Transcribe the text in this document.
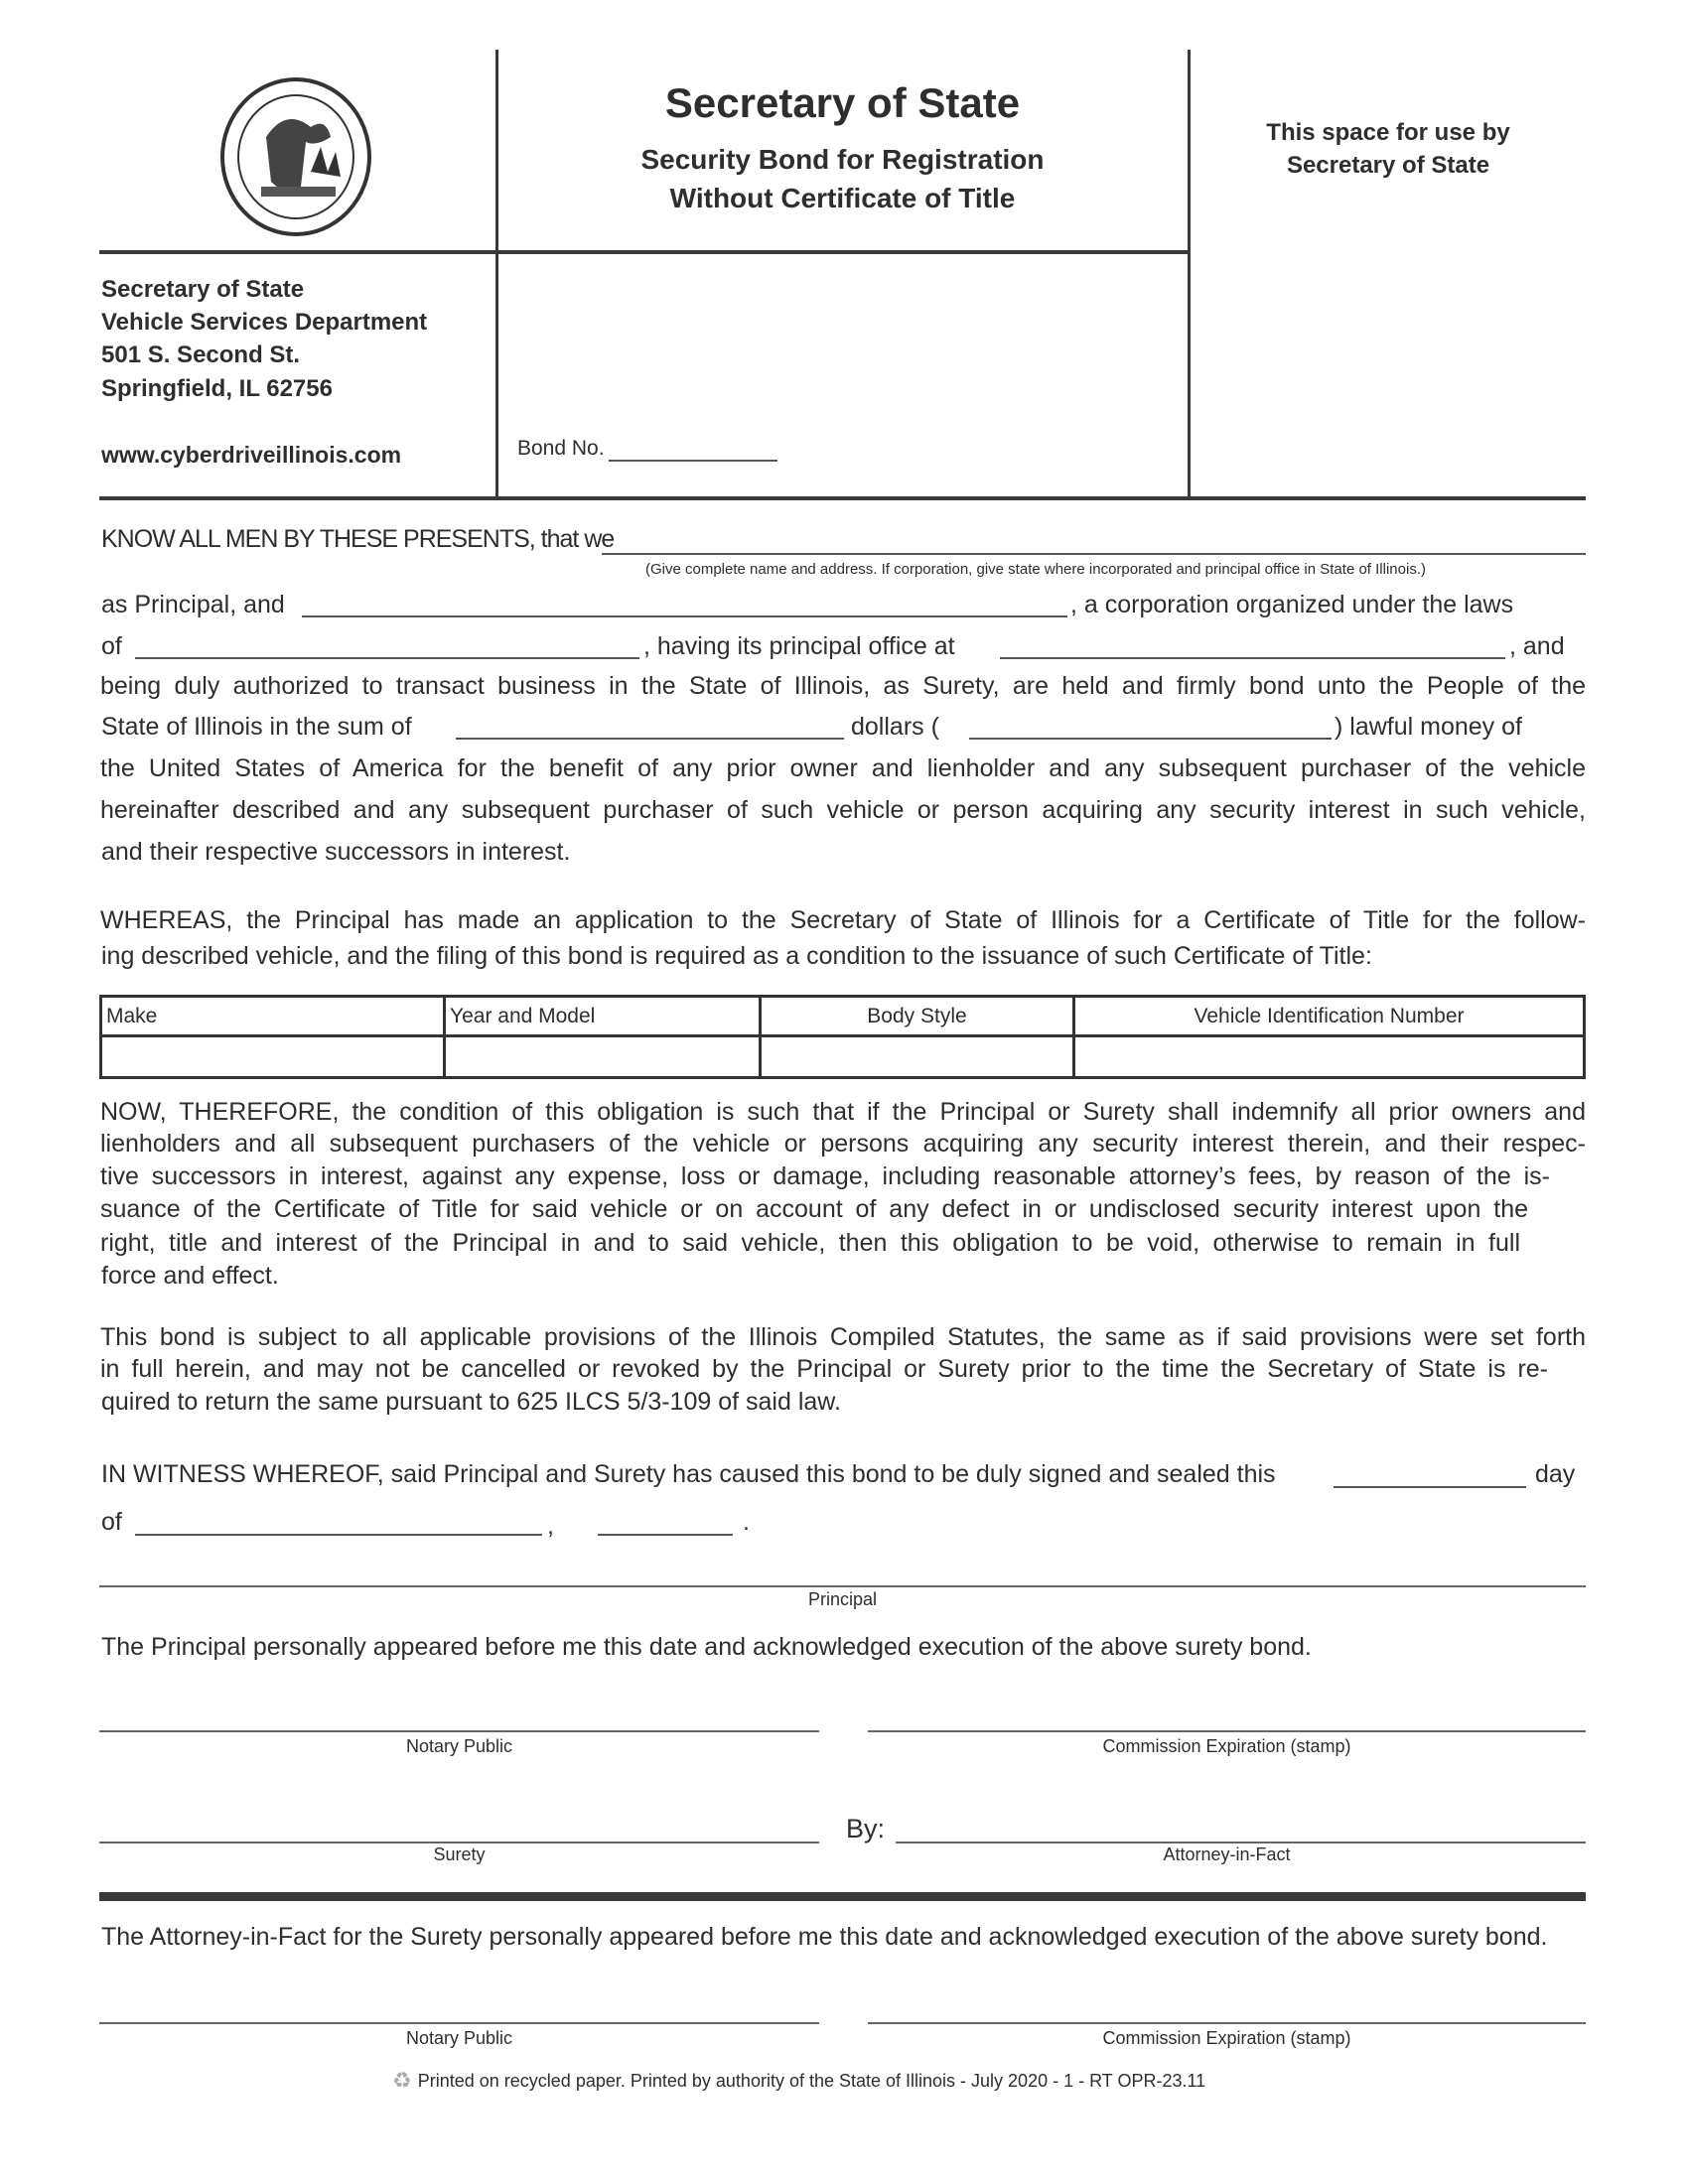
Secretary of State
Security Bond for Registration
Without Certificate of Title
This space for use by
Secretary of State
Secretary of State
Vehicle Services Department
501 S. Second St.
Springfield, IL 62756
www.cyberdriveillinois.com	Bond No.
KNOW ALL MEN BY THESE PRESENTS, that we
(Give complete name and address. If corporation, give state where incorporated and principal office in State of Illinois.)
as Principal, and	, a corporation organized under the laws
of	, having its principal office at	, and
being duly authorized to transact business in the State of Illinois, as Surety, are held and firmly bond unto the People of the
State of Illinois in the sum of	dollars (	) lawful money of
the United States of America for the benefit of any prior owner and lienholder and any subsequent purchaser of the vehicle
hereinafter described and any subsequent purchaser of such vehicle or person acquiring any security interest in such vehicle,
and their respective successors in interest.
WHEREAS, the Principal has made an application to the Secretary of State of Illinois for a Certificate of Title for the follow-
ing described vehicle, and the filing of this bond is required as a condition to the issuance of such Certificate of Title:
Make	Year and Model	Body Style	Vehicle Identification Number

NOW, THEREFORE, the condition of this obligation is such that if the Principal or Surety shall indemnify all prior owners and
lienholders and all subsequent purchasers of the vehicle or persons acquiring any security interest therein, and their respec-
tive successors in interest, against any expense, loss or damage, including reasonable attorney’s fees, by reason of the is-
suance of the Certificate of Title for said vehicle or on account of any defect in or undisclosed security interest upon the
right, title and interest of the Principal in and to said vehicle, then this obligation to be void, otherwise to remain in full
force and effect.
This bond is subject to all applicable provisions of the Illinois Compiled Statutes, the same as if said provisions were set forth
in full herein, and may not be cancelled or revoked by the Principal or Surety prior to the time the Secretary of State is re-
quired to return the same pursuant to 625 ILCS 5/3-109 of said law.
IN WITNESS WHEREOF, said Principal and Surety has caused this bond to be duly signed and sealed this	day
of	,	.
Principal
The Principal personally appeared before me this date and acknowledged execution of the above surety bond.
Notary Public	Commission Expiration (stamp)
By:
Surety	Attorney-in-Fact
The Attorney-in-Fact for the Surety personally appeared before me this date and acknowledged execution of the above surety bond.
Notary Public	Commission Expiration (stamp)
♻ Printed on recycled paper. Printed by authority of the State of Illinois - July 2020 - 1 - RT OPR-23.11
